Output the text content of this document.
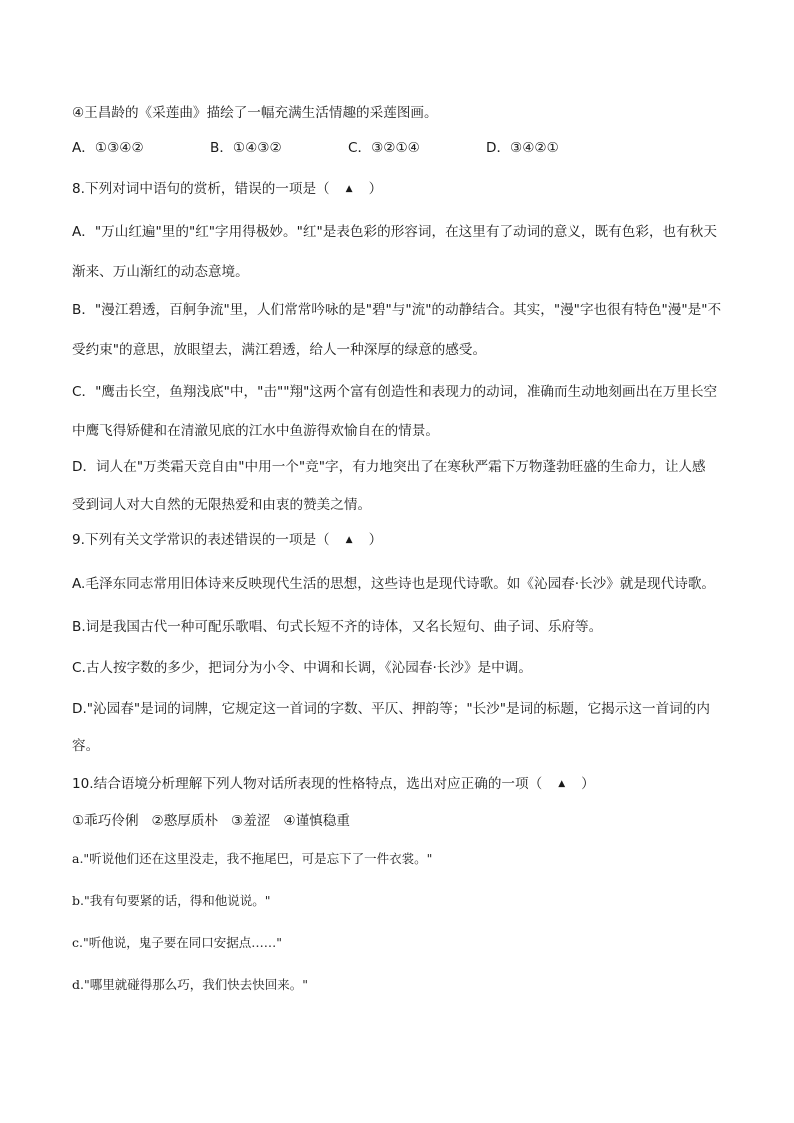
④王昌龄的《采莲曲》描绘了一幅充满生活情趣的采莲图画。
A．①③④②	B．①④③②	C．③②①④	D．③④②①
8.下列对词中语句的赏析，错误的一项是（ ▲ ）
A．"万山红遍"里的"红"字用得极妙。"红"是表色彩的形容词，在这里有了动词的意义，既有色彩，也有秋天
渐来、万山渐红的动态意境。
B．"漫江碧透，百舸争流"里，人们常常吟咏的是"碧"与"流"的动静结合。其实，"漫"字也很有特色"漫"是"不
受约束"的意思，放眼望去，满江碧透，给人一种深厚的绿意的感受。
C．"鹰击长空，鱼翔浅底"中，"击""翔"这两个富有创造性和表现力的动词，准确而生动地刻画出在万里长空
中鹰飞得矫健和在清澈见底的江水中鱼游得欢愉自在的情景。
D．词人在"万类霜天竞自由"中用一个"竞"字，有力地突出了在寒秋严霜下万物蓬勃旺盛的生命力，让人感
受到词人对大自然的无限热爱和由衷的赞美之情。
9.下列有关文学常识的表述错误的一项是（ ▲ ）
A.毛泽东同志常用旧体诗来反映现代生活的思想，这些诗也是现代诗歌。如《沁园春·长沙》就是现代诗歌。
B.词是我国古代一种可配乐歌唱、句式长短不齐的诗体，又名长短句、曲子词、乐府等。
C.古人按字数的多少，把词分为小令、中调和长调，《沁园春·长沙》是中调。
D."沁园春"是词的词牌，它规定这一首词的字数、平仄、押韵等；"长沙"是词的标题，它揭示这一首词的内
容。
10.结合语境分析理解下列人物对话所表现的性格特点，选出对应正确的一项（ ▲ ）
①乖巧伶俐   ②憨厚质朴   ③羞涩   ④谨慎稳重
a."听说他们还在这里没走，我不拖尾巴，可是忘下了一件衣裳。"
b."我有句要紧的话，得和他说说。"
c."听他说，鬼子要在同口安据点……"
d."哪里就碰得那么巧，我们快去快回来。"
